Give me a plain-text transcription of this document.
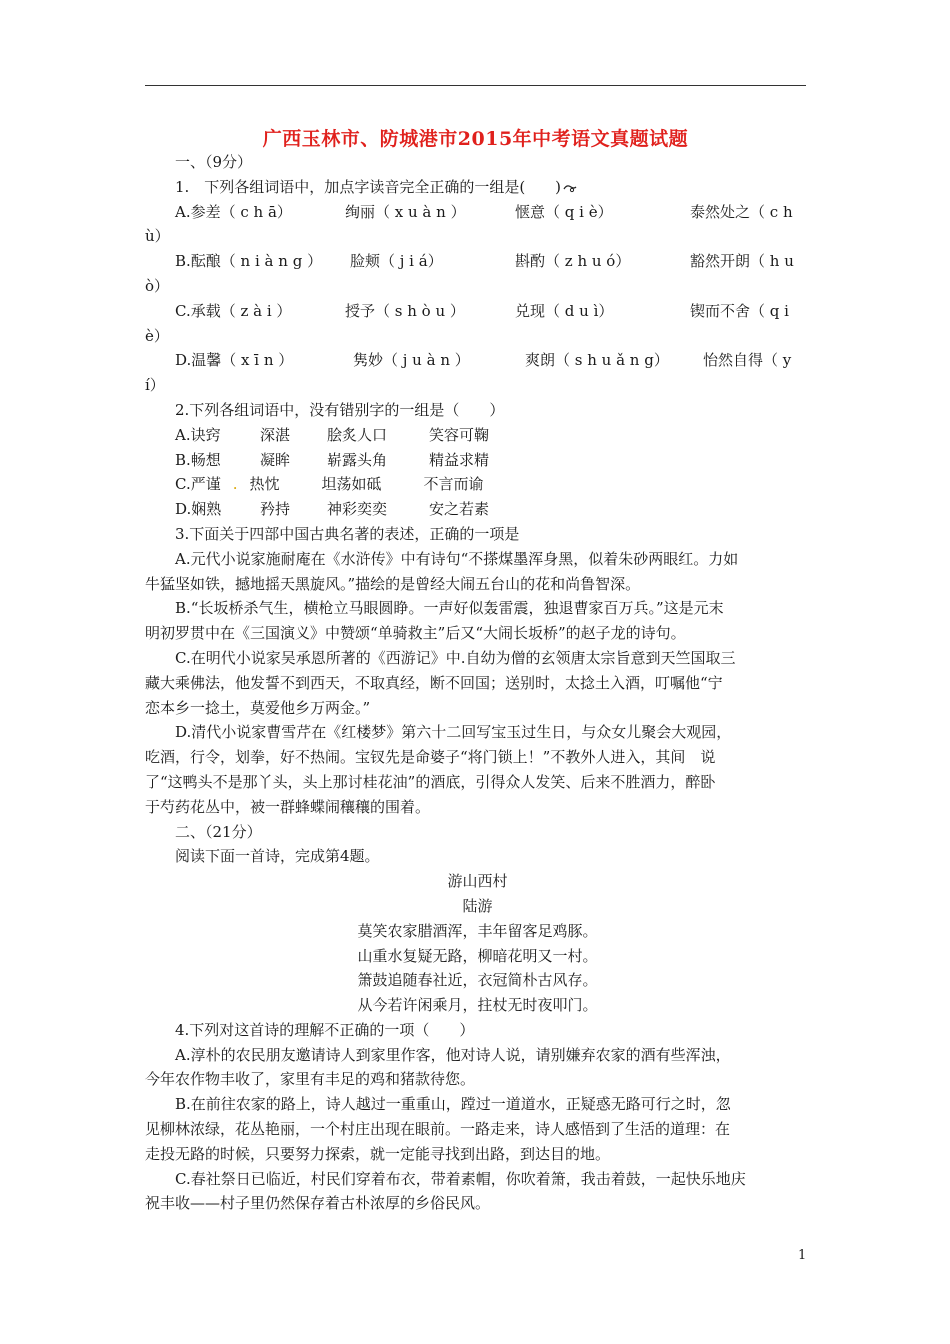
广西玉林市、防城港市2015年中考语文真题试题
一、（9分）
1.　下列各组词语中，加点字读音完全正确的一组是(　　)
A.参差（ c h ā）	绚丽（ x u à n ）	惬意（ q i è）	泰然处之（ c h
ù）
B.酝酿（ n i à n g ）	脸颊（ j i á）	斟酌（ z h u ó）	豁然开朗（ h u
ò）
C.承载（ z à i ）	授予（ s h ò u ）	兑现（ d u ì）	锲而不舍（ q i
è）
D.温馨（ x ī n ）	隽妙（ j u à n ）	爽朗（ s h u ǎ n g）	怡然自得（ y
í）
2.下列各组词语中，没有错别字的一组是（　　）
A.诀窍	深湛	脍炙人口	笑容可鞠
B.畅想	凝眸	崭露头角	精益求精
C.严谨 . 热忱	坦荡如砥	不言而谕
D.娴熟	矜持	神彩奕奕	安之若素
3.下面关于四部中国古典名著的表述，正确的一项是
A.元代小说家施耐庵在《水浒传》中有诗句“不搽煤墨浑身黑，似着朱砂两眼红。力如
牛猛坚如铁，撼地摇天黑旋风。”描绘的是曾经大闹五台山的花和尚鲁智深。
B.“长坂桥杀气生，横枪立马眼圆睁。一声好似轰雷震，独退曹家百万兵。”这是元末
明初罗贯中在《三国演义》中赞颂“单骑救主”后又“大闹长坂桥”的赵子龙的诗句。
C.在明代小说家吴承恩所著的《西游记》中.自幼为僧的玄领唐太宗旨意到天竺国取三
藏大乘佛法，他发誓不到西天，不取真经，断不回国；送别时，太捻土入酒，叮嘱他“宁
恋本乡一捻土，莫爱他乡万两金。”
D.清代小说家曹雪芹在《红楼梦》第六十二回写宝玉过生日，与众女儿聚会大观园，
吃酒，行令，划拳，好不热闹。宝钗先是命婆子“将门锁上！”不教外人进入，其间　说
了“这鸭头不是那丫头，头上那讨桂花油”的酒底，引得众人发笑、后来不胜酒力，醉卧
于芍药花丛中，被一群蜂蝶闹穰穰的围着。
二、（21分）
阅读下面一首诗，完成第4题。
游山西村
陆游
莫笑农家腊酒浑，丰年留客足鸡豚。
山重水复疑无路，柳暗花明又一村。
箫鼓追随春社近，衣冠简朴古风存。
从今若许闲乘月，拄杖无时夜叩门。
4.下列对这首诗的理解不正确的一项（　　）
A.淳朴的农民朋友邀请诗人到家里作客，他对诗人说，请别嫌弃农家的酒有些浑浊，
今年农作物丰收了，家里有丰足的鸡和猪款待您。
B.在前往农家的路上，诗人越过一重重山，蹚过一道道水，正疑惑无路可行之时，忽
见柳林浓绿，花丛艳丽，一个村庄出现在眼前。一路走来，诗人感悟到了生活的道理：在
走投无路的时候，只要努力探索，就一定能寻找到出路，到达目的地。
C.春社祭日已临近，村民们穿着布衣，带着素帽，你吹着箫，我击着鼓，一起快乐地庆
祝丰收——村子里仍然保存着古朴浓厚的乡俗民风。
1
